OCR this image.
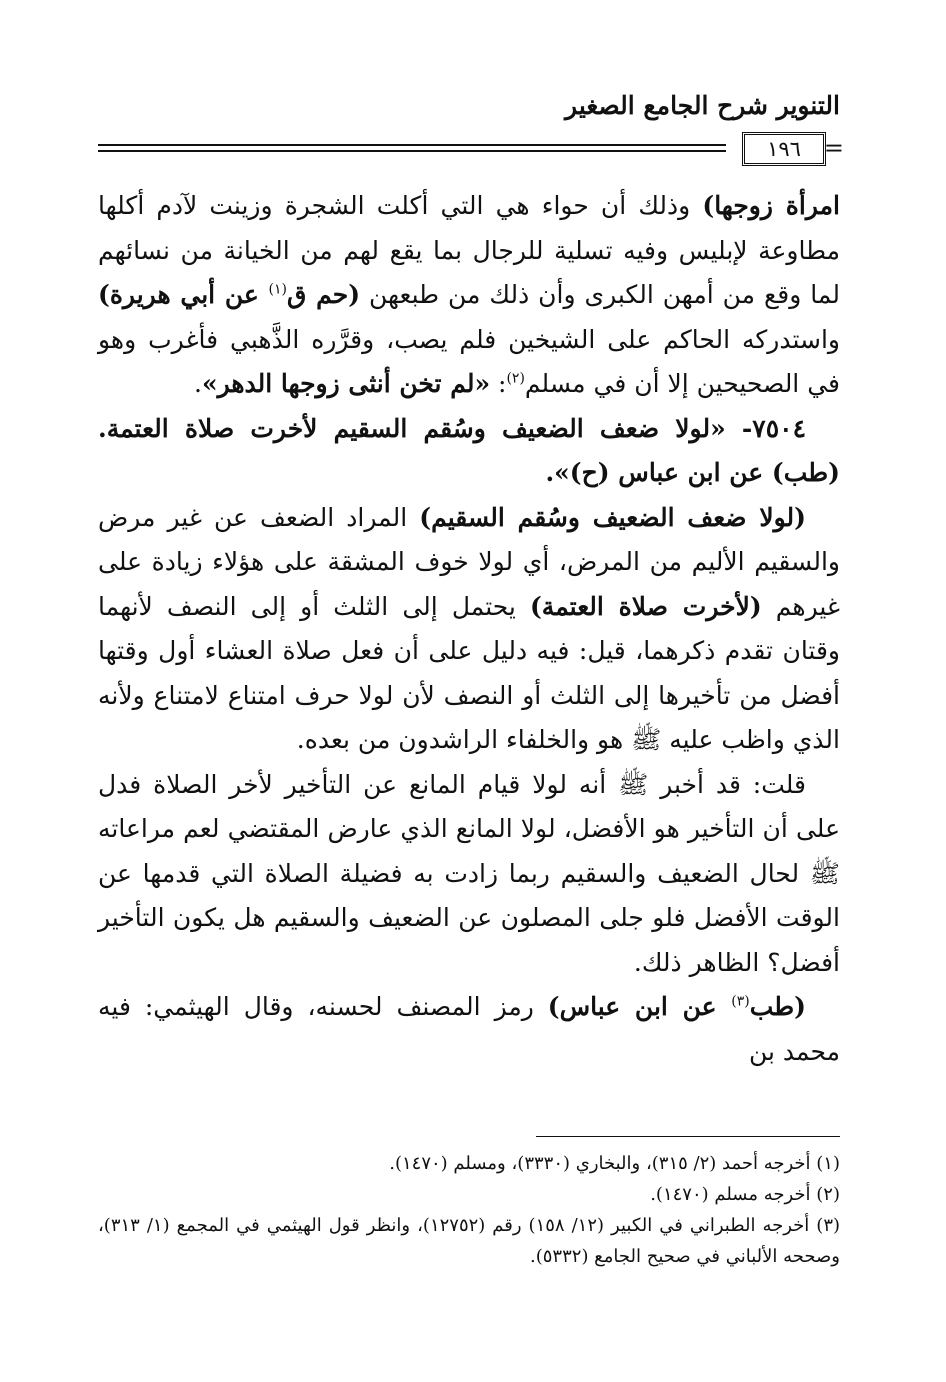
التنوير شرح الجامع الصغير
١٩٦ =

امرأة زوجها) وذلك أن حواء هي التي أكلت الشجرة وزينت لآدم أكلها مطاوعة لإبليس وفيه تسلية للرجال بما يقع لهم من الخيانة من نسائهم لما وقع من أمهن الكبرى وأن ذلك من طبعهن (حم ق$^{(١)}$ عن أبي هريرة) واستدركه الحاكم على الشيخين فلم يصب، وقرَّره الذَّهبي فأغرب وهو في الصحيحين إلا أن في مسلم$^{(٢)}$: «لم تخن أنثى زوجها الدهر».

٧٥٠٤- «لولا ضعف الضعيف وسُقم السقيم لأخرت صلاة العتمة. (طب) عن ابن عباس (ح)».

(لولا ضعف الضعيف وسُقم السقيم) المراد الضعف عن غير مرض والسقيم الأليم من المرض، أي لولا خوف المشقة على هؤلاء زيادة على غيرهم (لأخرت صلاة العتمة) يحتمل إلى الثلث أو إلى النصف لأنهما وقتان تقدم ذكرهما، قيل: فيه دليل على أن فعل صلاة العشاء أول وقتها أفضل من تأخيرها إلى الثلث أو النصف لأن لولا حرف امتناع لامتناع ولأنه الذي واظب عليه ﷺ هو والخلفاء الراشدون من بعده.

قلت: قد أخبر ﷺ أنه لولا قيام المانع عن التأخير لأخر الصلاة فدل على أن التأخير هو الأفضل، لولا المانع الذي عارض المقتضي لعم مراعاته ﷺ لحال الضعيف والسقيم ربما زادت به فضيلة الصلاة التي قدمها عن الوقت الأفضل فلو جلى المصلون عن الضعيف والسقيم هل يكون التأخير أفضل؟ الظاهر ذلك.

(طب$^{(٣)}$ عن ابن عباس) رمز المصنف لحسنه، وقال الهيثمي: فيه محمد بن

(١) أخرجه أحمد (٢/ ٣١٥)، والبخاري (٣٣٣٠)، ومسلم (١٤٧٠).

(٢) أخرجه مسلم (١٤٧٠).

(٣) أخرجه الطبراني في الكبير (١٢/ ١٥٨) رقم (١٢٧٥٢)، وانظر قول الهيثمي في المجمع (١/ ٣١٣)، وصححه الألباني في صحيح الجامع (٥٣٣٢).
